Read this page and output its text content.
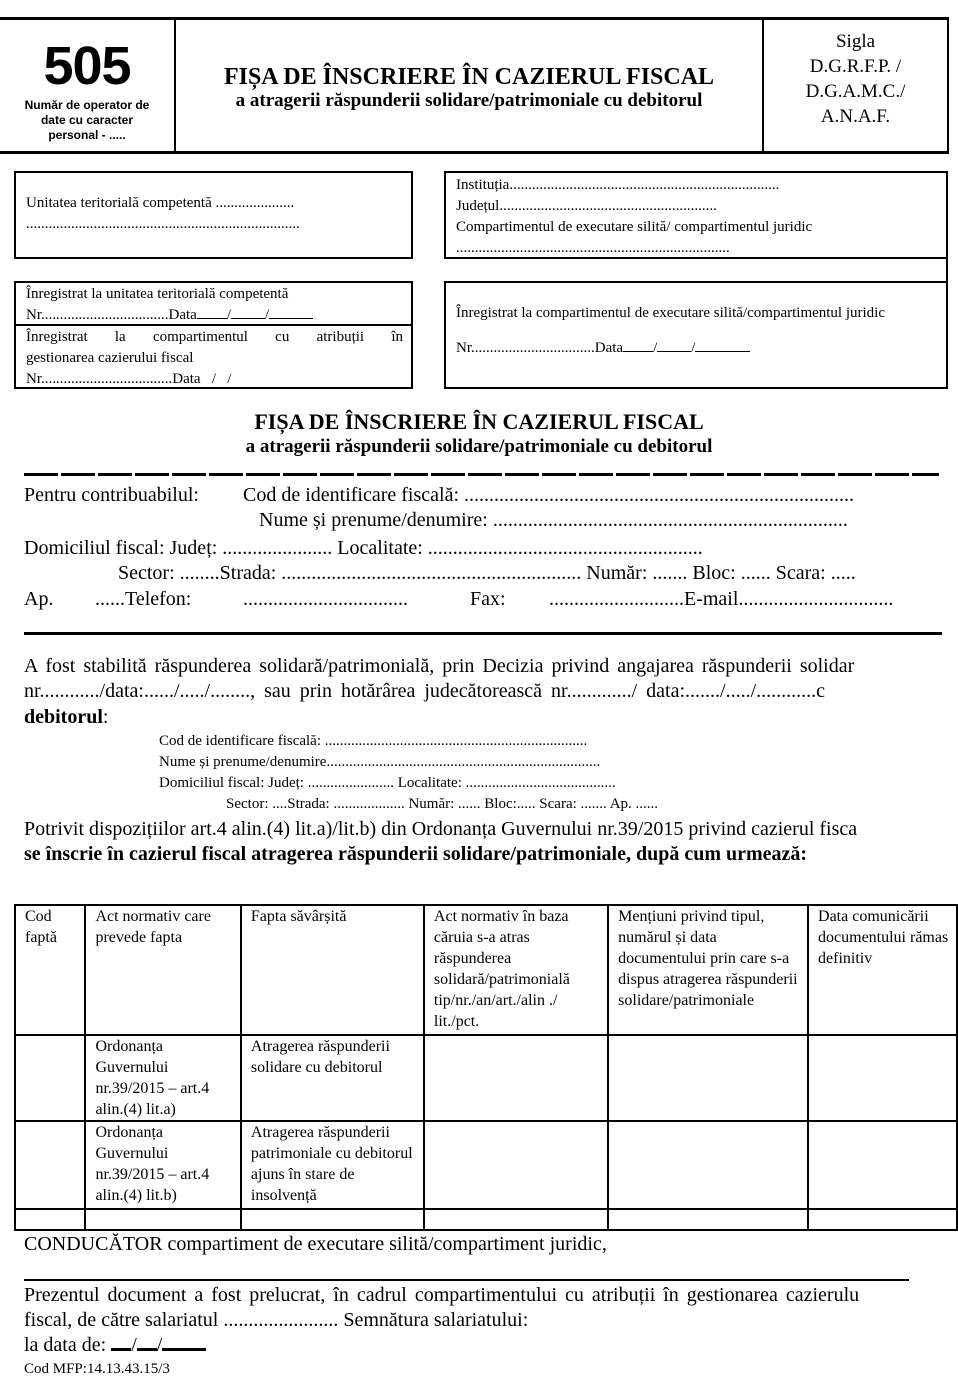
505
Număr de operator de
date cu caracter
personal - .....
FIȘA DE ÎNSCRIERE ÎN CAZIERUL FISCAL
a atragerii răspunderii solidare/patrimoniale cu debitorul
Sigla
D.G.R.F.P. /
D.G.A.M.C./
A.N.A.F.
Unitatea teritorială competentă .....................
.........................................................................
Instituția........................................................................
Județul..........................................................
Compartimentul de executare silită/ compartimentul juridic
.........................................................................
Înregistrat la unitatea teritorială competentă
Nr..................................Data / /
Înregistrat la compartimentul cu atribuții în
gestionarea cazierului fiscal
Nr...................................Data   /   /
Înregistrat la compartimentul de executare silită/compartimentul juridic
Nr.................................Data / /
FIȘA DE ÎNSCRIERE ÎN CAZIERUL FISCAL
a atragerii răspunderii solidare/patrimoniale cu debitorul
Pentru contribuabilul: Cod de identificare fiscală: ..............................................................................
Nume și prenume/denumire: .......................................................................
Domiciliul fiscal: Județ: ...................... Localitate: .......................................................
Sector: ........Strada: ............................................................ Număr: ....... Bloc: ...... Scara: .....
Ap. ......Telefon:	.................................	Fax: ...........................E-mail...............................
A fost stabilită răspunderea solidară/patrimonială, prin Decizia privind angajarea răspunderii solidar
nr............/data:....../...../........, sau prin hotărârea judecătorească nr............./ data:......./...../............c
debitorul:
Cod de identificare fiscală: ......................................................................
Nume și prenume/denumire.........................................................................
Domiciliul fiscal: Județ: ....................... Localitate: ........................................
Sector: ....Strada: ................... Număr: ...... Bloc:..... Scara: ....... Ap. ......
Potrivit dispozițiilor art.4 alin.(4) lit.a)/lit.b) din Ordonanța Guvernului nr.39/2015 privind cazierul fisca
se înscrie în cazierul fiscal atragerea răspunderii solidare/patrimoniale, după cum urmează:
Cod faptă	Act normativ care prevede fapta	Fapta săvârșită	Act normativ în baza căruia s-a atras răspunderea solidară/patrimonială tip/nr./an/art./alin ./ lit./pct.	Mențiuni privind tipul, numărul și data documentului prin care s-a dispus atragerea răspunderii solidare/patrimoniale	Data comunicării documentului rămas definitiv
	Ordonanța Guvernului nr.39/2015 – art.4 alin.(4) lit.a)	Atragerea răspunderii solidare cu debitorul			
	Ordonanța Guvernului nr.39/2015 – art.4 alin.(4) lit.b)	Atragerea răspunderii patrimoniale cu debitorul ajuns în stare de insolvență			

CONDUCĂTOR compartiment de executare silită/compartiment juridic,
Prezentul document a fost prelucrat, în cadrul compartimentului cu atribuții în gestionarea cazierulu
fiscal, de către salariatul ....................... Semnătura salariatului:
la data de: / /
Cod MFP:14.13.43.15/3
